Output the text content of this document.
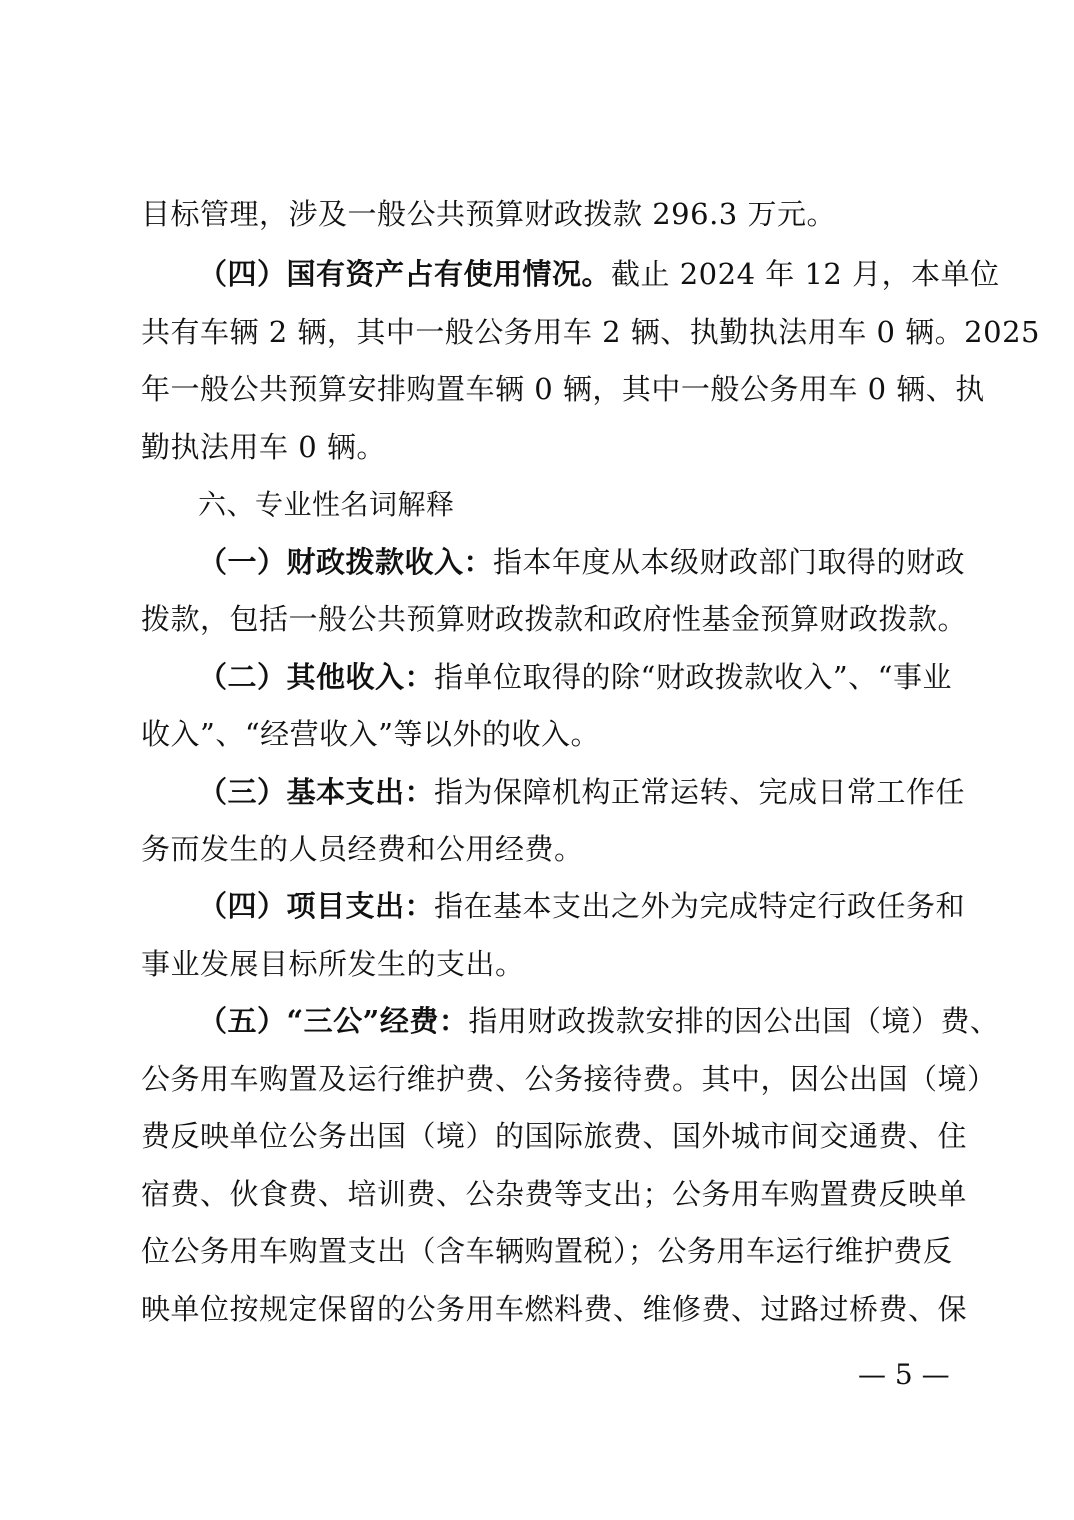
目标管理，涉及一般公共预算财政拨款 296.3 万元。
（四）国有资产占有使用情况。截止 2024 年 12 月，本单位
共有车辆 2 辆，其中一般公务用车 2 辆、执勤执法用车 0 辆。2025
年一般公共预算安排购置车辆 0 辆，其中一般公务用车 0 辆、执
勤执法用车 0 辆。
六、专业性名词解释
（一）财政拨款收入：指本年度从本级财政部门取得的财政
拨款，包括一般公共预算财政拨款和政府性基金预算财政拨款。
（二）其他收入：指单位取得的除“财政拨款收入”、“事业
收入”、“经营收入”等以外的收入。
（三）基本支出：指为保障机构正常运转、完成日常工作任
务而发生的人员经费和公用经费。
（四）项目支出：指在基本支出之外为完成特定行政任务和
事业发展目标所发生的支出。
（五）“三公”经费：指用财政拨款安排的因公出国（境）费、
公务用车购置及运行维护费、公务接待费。其中，因公出国（境）
费反映单位公务出国（境）的国际旅费、国外城市间交通费、住
宿费、伙食费、培训费、公杂费等支出；公务用车购置费反映单
位公务用车购置支出（含车辆购置税）；公务用车运行维护费反
映单位按规定保留的公务用车燃料费、维修费、过路过桥费、保
— 5 —
